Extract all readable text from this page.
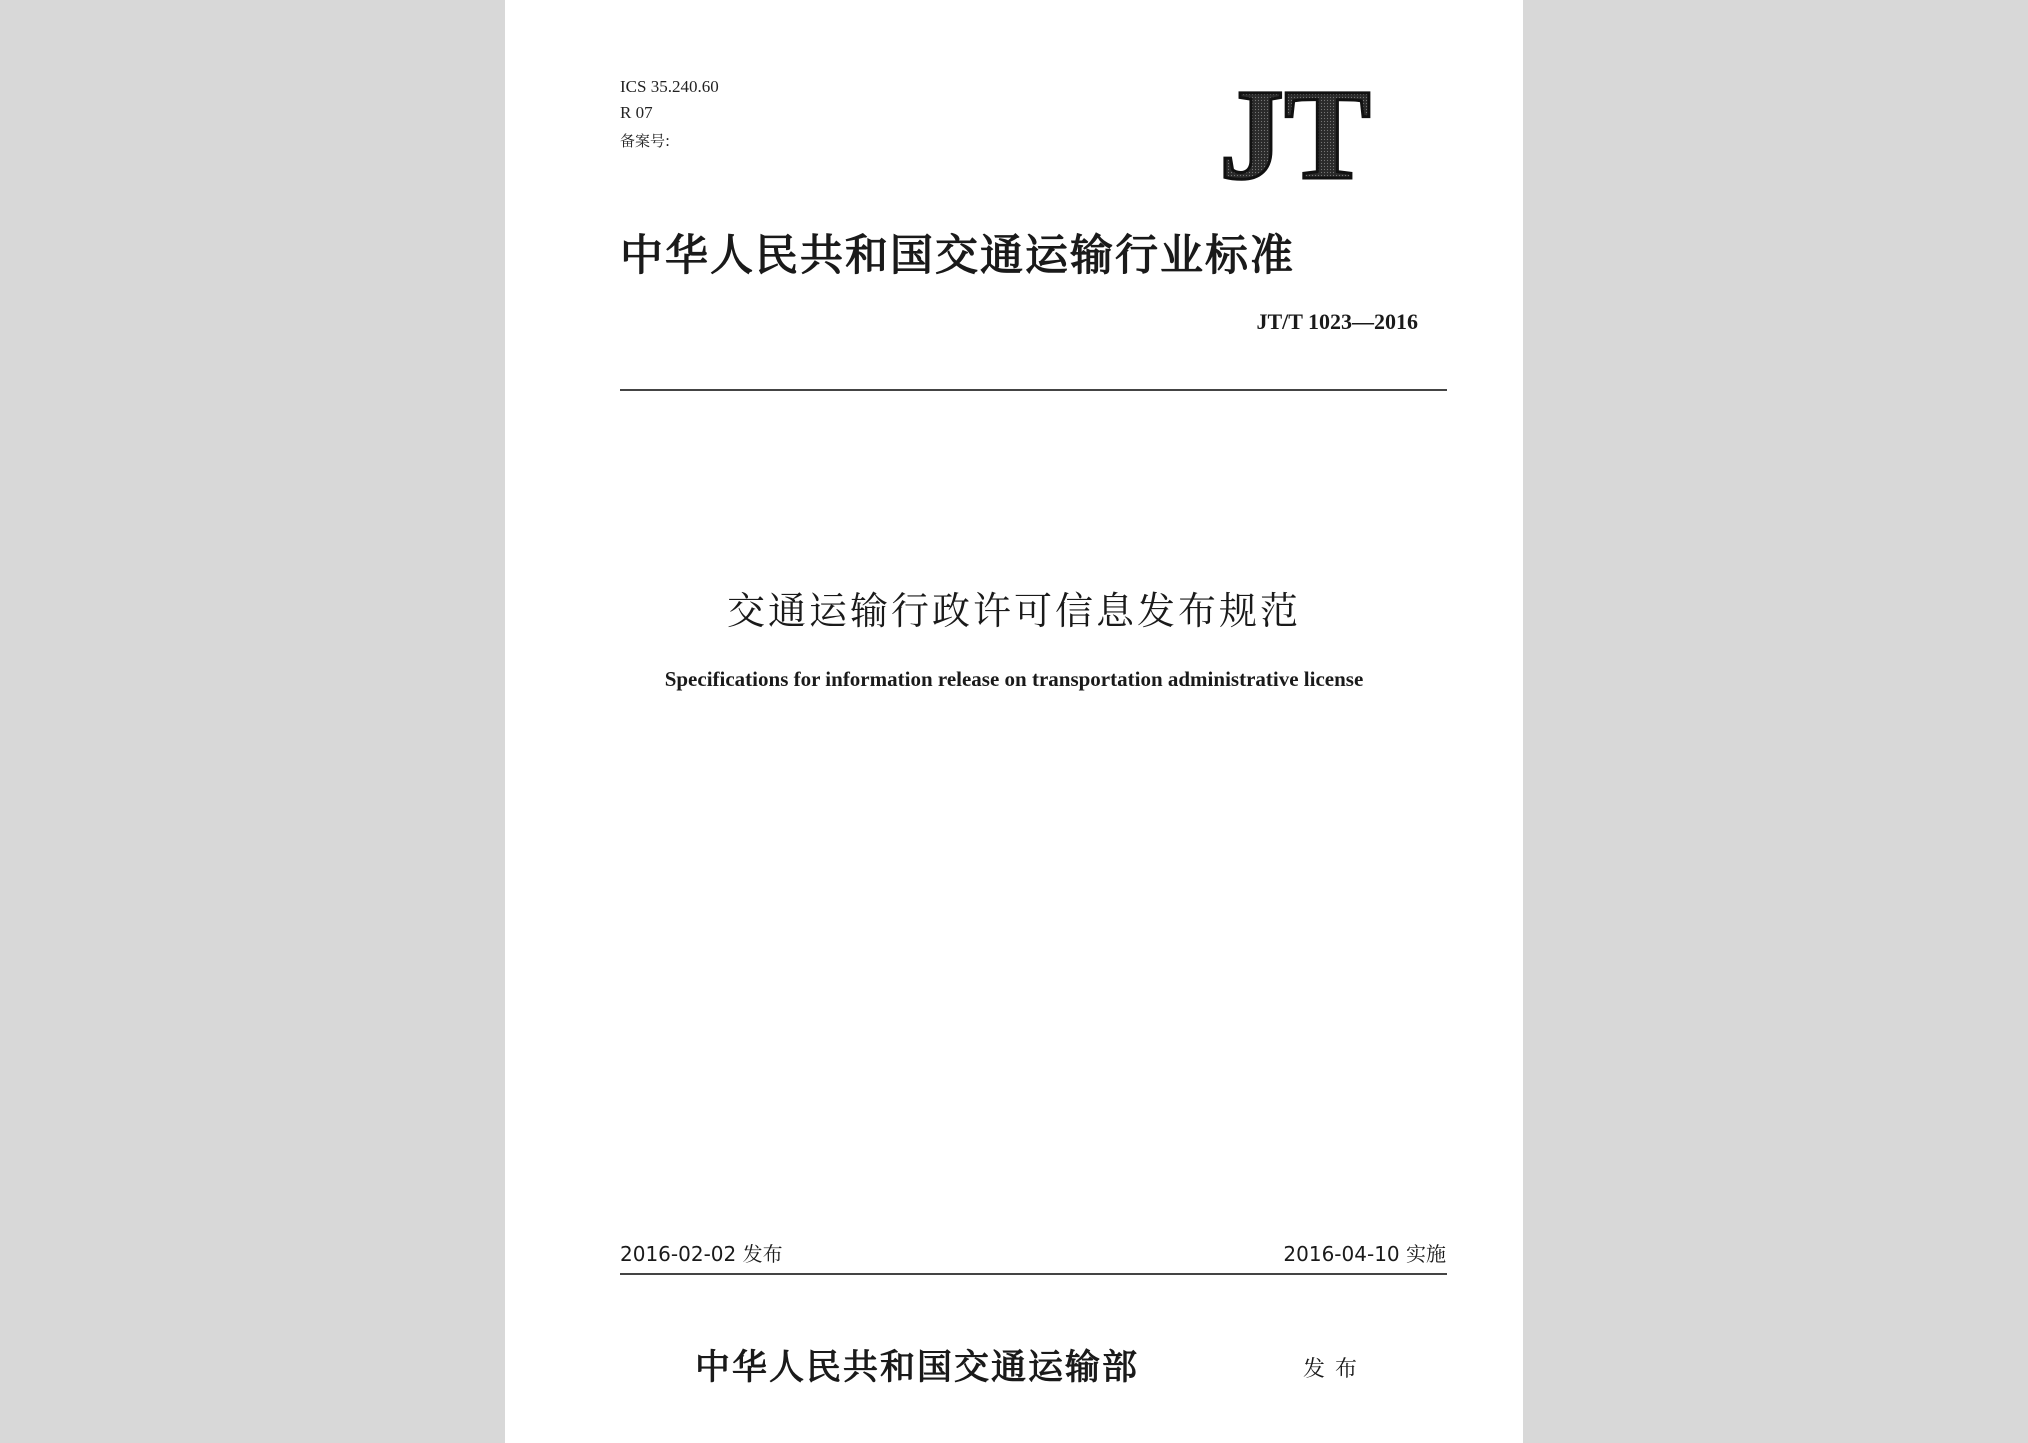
ICS 35.240.60
R 07
备案号:	JT
中华人民共和国交通运输行业标准
JT/T 1023—2016
交通运输行政许可信息发布规范
Specifications for information release on transportation administrative license
2016-02-02 发布	2016-04-10 实施
中华人民共和国交通运输部	发布
